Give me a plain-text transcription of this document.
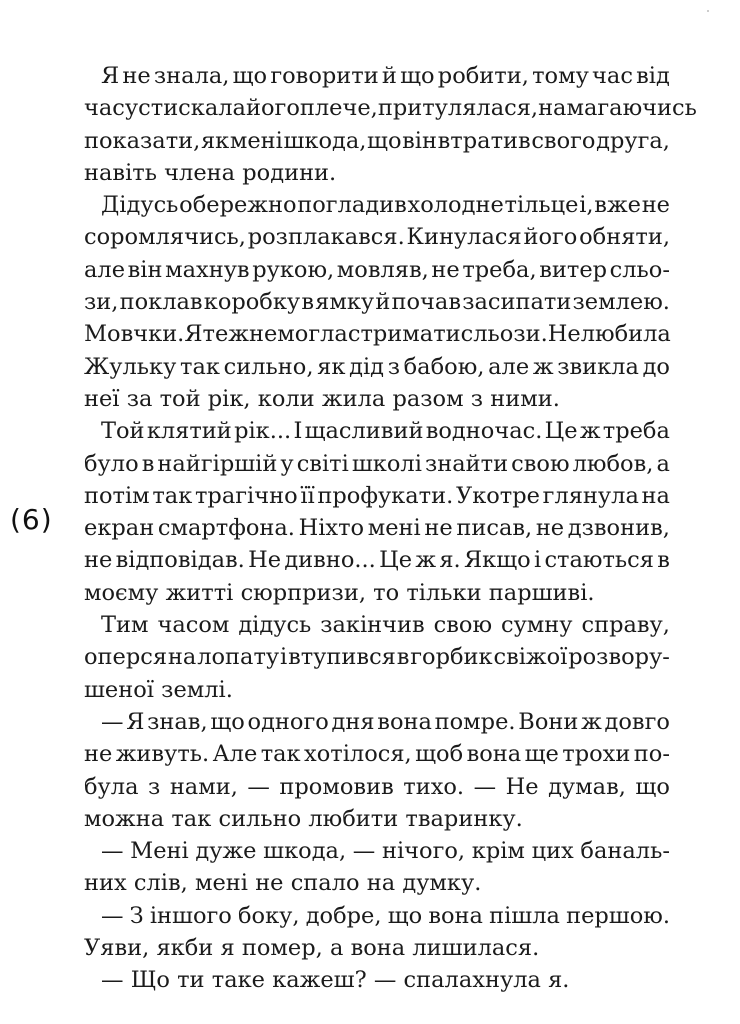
(6)
Я не знала, що говорити й що робити, тому час від
часу стискала його плече, притулялася, намагаючись
показати, як мені шкода, що він втратив свого друга,
навіть члена родини.
Дідусь обережно погладив холодне тільце і, вже не
соромлячись, розплакався. Кинулася його обняти,
але він махнув рукою, мовляв, не треба, витер сльо-
зи, поклав коробку в ямку й почав засипати землею.
Мовчки. Я теж не могла стримати сльози. Не любила
Жульку так сильно, як дід з бабою, але ж звикла до
неї за той рік, коли жила разом з ними.
Той клятий рік... І щасливий водночас. Це ж треба
було в найгіршій у світі школі знайти свою любов, а
потім так трагічно її профукати. Укотре глянула на
екран смартфона. Ніхто мені не писав, не дзвонив,
не відповідав. Не дивно... Це ж я. Якщо і стаються в
моєму житті сюрпризи, то тільки паршиві.
Тим часом дідусь закінчив свою сумну справу,
оперся на лопату і втупився в горбик свіжої розвору-
шеної землі.
— Я знав, що одного дня вона помре. Вони ж довго
не живуть. Але так хотілося, щоб вона ще трохи по-
була з нами, — промовив тихо. — Не думав, що
можна так сильно любити тваринку.
— Мені дуже шкода, — нічого, крім цих баналь-
них слів, мені не спало на думку.
— З іншого боку, добре, що вона пішла першою.
Уяви, якби я помер, а вона лишилася.
— Що ти таке кажеш? — спалахнула я.
